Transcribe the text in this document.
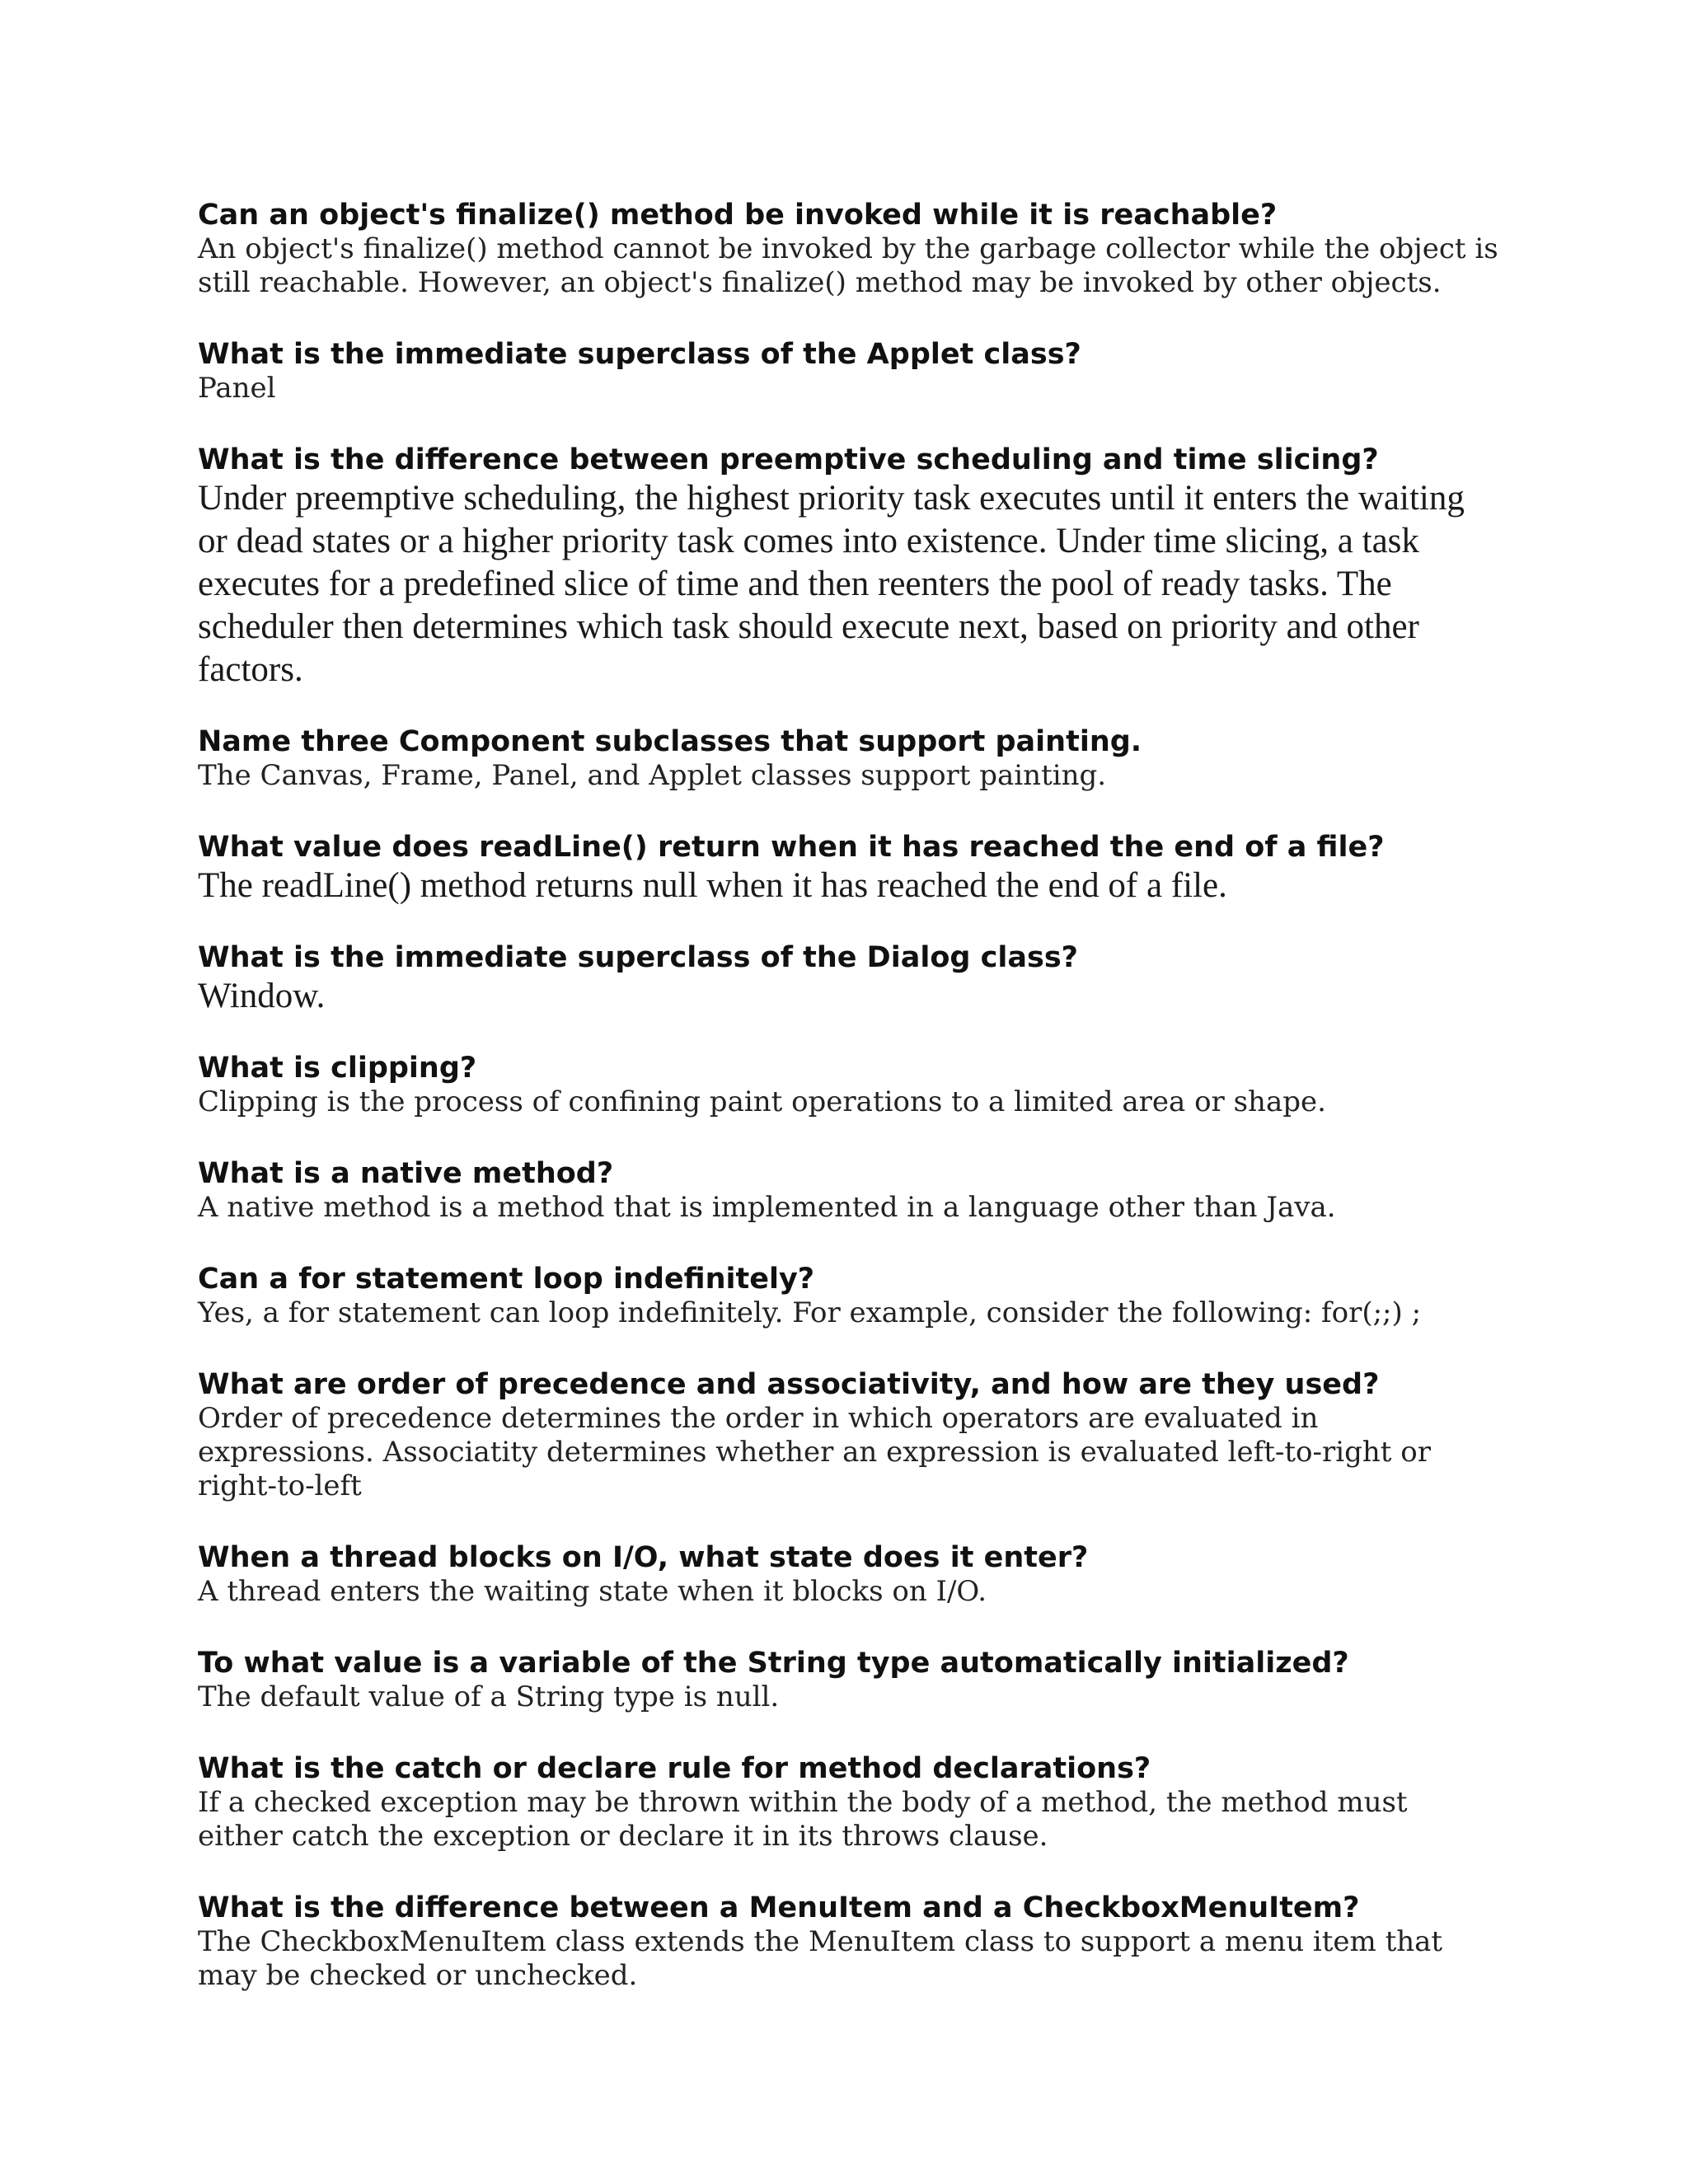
Can an object's finalize() method be invoked while it is reachable?
An object's finalize() method cannot be invoked by the garbage collector while the object is still reachable. However, an object's finalize() method may be invoked by other objects.
What is the immediate superclass of the Applet class?
Panel
What is the difference between preemptive scheduling and time slicing?
Under preemptive scheduling, the highest priority task executes until it enters the waiting or dead states or a higher priority task comes into existence. Under time slicing, a task executes for a predefined slice of time and then reenters the pool of ready tasks. The scheduler then determines which task should execute next, based on priority and other factors.
Name three Component subclasses that support painting.
The Canvas, Frame, Panel, and Applet classes support painting.
What value does readLine() return when it has reached the end of a file?
The readLine() method returns null when it has reached the end of a file.
What is the immediate superclass of the Dialog class?
Window.
What is clipping?
Clipping is the process of confining paint operations to a limited area or shape.
What is a native method?
A native method is a method that is implemented in a language other than Java.
Can a for statement loop indefinitely?
Yes, a for statement can loop indefinitely. For example, consider the following: for(;;) ;
What are order of precedence and associativity, and how are they used?
Order of precedence determines the order in which operators are evaluated in expressions. Associatity determines whether an expression is evaluated left-to-right or right-to-left
When a thread blocks on I/O, what state does it enter?
A thread enters the waiting state when it blocks on I/O.
To what value is a variable of the String type automatically initialized?
The default value of a String type is null.
What is the catch or declare rule for method declarations?
If a checked exception may be thrown within the body of a method, the method must either catch the exception or declare it in its throws clause.
What is the difference between a MenuItem and a CheckboxMenuItem?
The CheckboxMenuItem class extends the MenuItem class to support a menu item that may be checked or unchecked.
